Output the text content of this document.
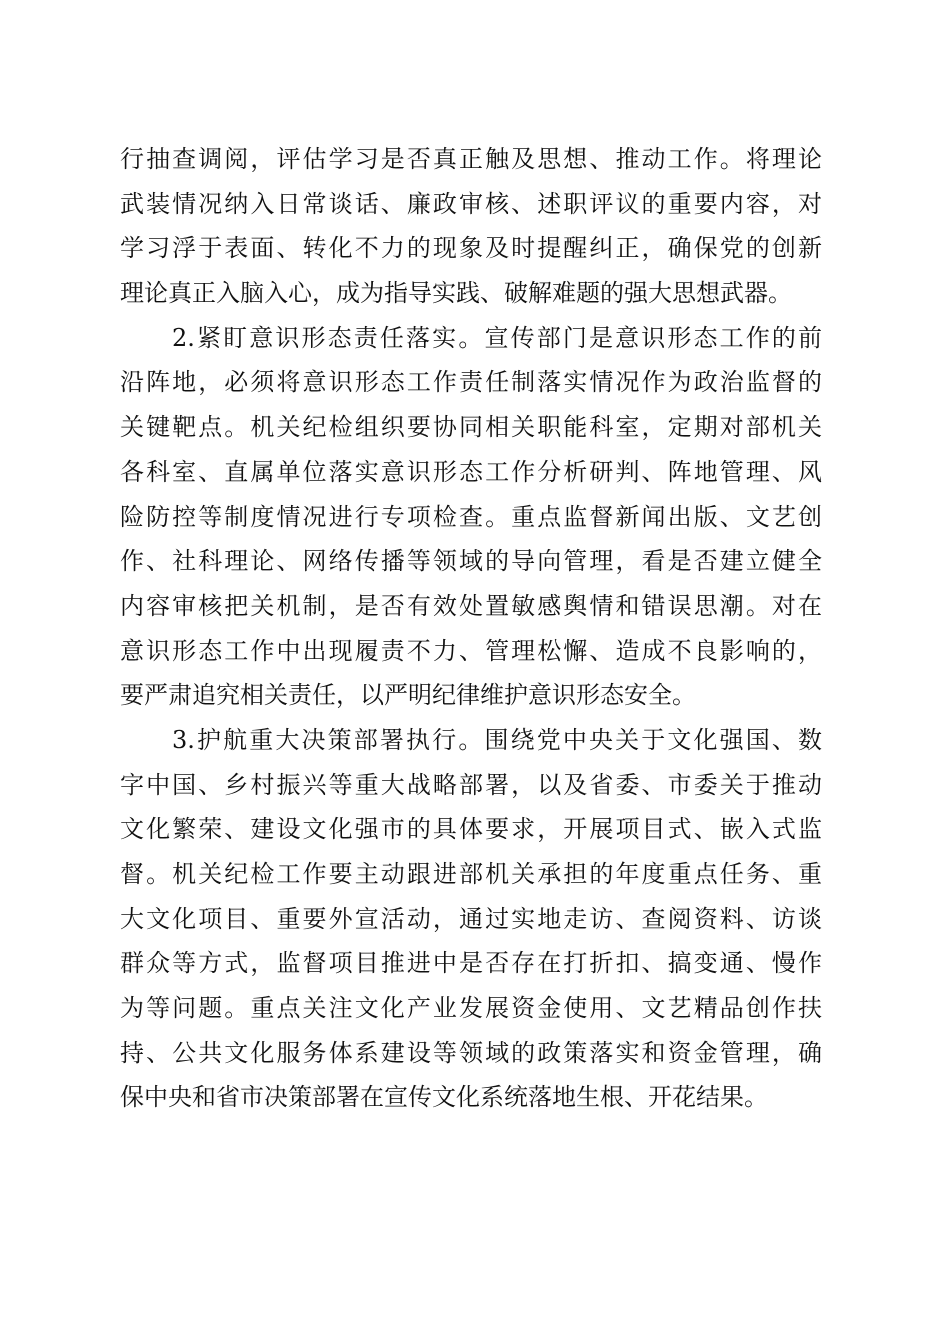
行抽查调阅，评估学习是否真正触及思想、推动工作。将理论
武装情况纳入日常谈话、廉政审核、述职评议的重要内容，对
学习浮于表面、转化不力的现象及时提醒纠正，确保党的创新
理论真正入脑入心，成为指导实践、破解难题的强大思想武器。
2.紧盯意识形态责任落实。宣传部门是意识形态工作的前
沿阵地，必须将意识形态工作责任制落实情况作为政治监督的
关键靶点。机关纪检组织要协同相关职能科室，定期对部机关
各科室、直属单位落实意识形态工作分析研判、阵地管理、风
险防控等制度情况进行专项检查。重点监督新闻出版、文艺创
作、社科理论、网络传播等领域的导向管理，看是否建立健全
内容审核把关机制，是否有效处置敏感舆情和错误思潮。对在
意识形态工作中出现履责不力、管理松懈、造成不良影响的，
要严肃追究相关责任，以严明纪律维护意识形态安全。
3.护航重大决策部署执行。围绕党中央关于文化强国、数
字中国、乡村振兴等重大战略部署，以及省委、市委关于推动
文化繁荣、建设文化强市的具体要求，开展项目式、嵌入式监
督。机关纪检工作要主动跟进部机关承担的年度重点任务、重
大文化项目、重要外宣活动，通过实地走访、查阅资料、访谈
群众等方式，监督项目推进中是否存在打折扣、搞变通、慢作
为等问题。重点关注文化产业发展资金使用、文艺精品创作扶
持、公共文化服务体系建设等领域的政策落实和资金管理，确
保中央和省市决策部署在宣传文化系统落地生根、开花结果。
